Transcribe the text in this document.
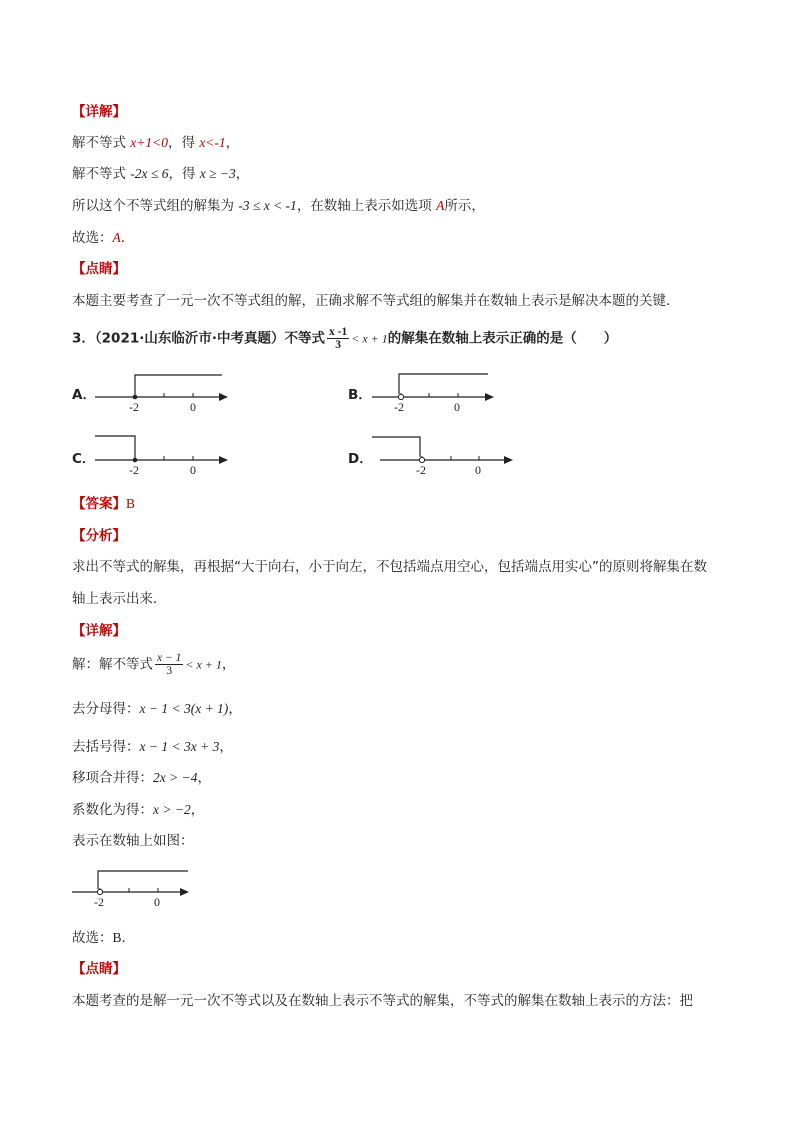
【详解】
解不等式 x+1<0，得 x<-1，
解不等式 -2x ≤ 6，得 x ≥ −3，
所以这个不等式组的解集为 -3 ≤ x < -1，在数轴上表示如选项 A所示，
故选：A．
【点睛】
本题主要考查了一元一次不等式组的解，正确求解不等式组的解集并在数轴上表示是解决本题的关键．
3．（2021·山东临沂市·中考真题）不等式 $\frac{x -1}{3} < x + 1$的解集在数轴上表示正确的是（　　）
A．
-2	0
B．
-2	0
C．
-2	0
D．
-2	0
【答案】B
【分析】
求出不等式的解集，再根据“大于向右，小于向左，不包括端点用空心，包括端点用实心”的原则将解集在数
轴上表示出来．
【详解】
解：解不等式 $\frac{x - 1}{3} < x + 1$，
去分母得：x − 1 < 3(x + 1)，
去括号得：x − 1 < 3x + 3，
移项合并得：2x > −4，
系数化为得：x > −2，
表示在数轴上如图：
-2	0
故选：B．
【点睛】
本题考查的是解一元一次不等式以及在数轴上表示不等式的解集，不等式的解集在数轴上表示的方法：把
